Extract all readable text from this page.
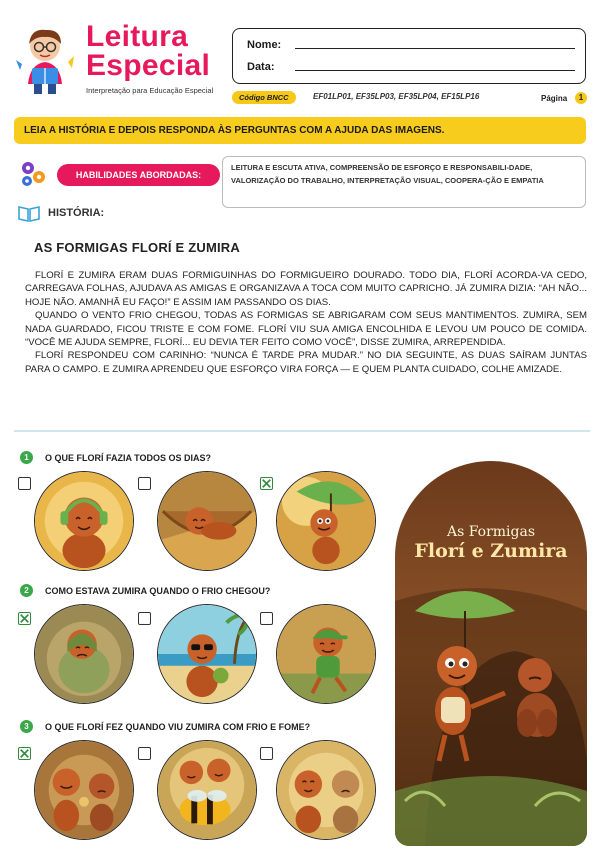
Leitura
Especial
Interpretação para Educação Especial
Nome:
Data:
Código BNCC	EF01LP01, EF35LP03, EF35LP04, EF15LP16	Página	1
LEIA A HISTÓRIA E DEPOIS RESPONDA ÀS PERGUNTAS COM A AJUDA DAS IMAGENS.
HABILIDADES ABORDADAS:
LEITURA E ESCUTA ATIVA, COMPREENSÃO DE ESFORÇO E RESPONSABILI-DADE, VALORIZAÇÃO DO TRABALHO, INTERPRETAÇÃO VISUAL, COOPERA-ÇÃO E EMPATIA
HISTÓRIA:
AS FORMIGAS FLORÍ E ZUMIRA

FLORÍ E ZUMIRA ERAM DUAS FORMIGUINHAS DO FORMIGUEIRO DOURADO. TODO DIA, FLORÍ ACORDA-VA CEDO, CARREGAVA FOLHAS, AJUDAVA AS AMIGAS E ORGANIZAVA A TOCA COM MUITO CAPRICHO. JÁ ZUMIRA DIZIA: “AH NÃO... HOJE NÃO. AMANHÃ EU FAÇO!” E ASSIM IAM PASSANDO OS DIAS.

QUANDO O VENTO FRIO CHEGOU, TODAS AS FORMIGAS SE ABRIGARAM COM SEUS MANTIMENTOS. ZUMIRA, SEM NADA GUARDADO, FICOU TRISTE E COM FOME. FLORÍ VIU SUA AMIGA ENCOLHIDA E LEVOU UM POUCO DE COMIDA. “VOCÊ ME AJUDA SEMPRE, FLORÍ... EU DEVIA TER FEITO COMO VOCÊ”, DISSE ZUMIRA, ARREPENDIDA.

FLORÍ RESPONDEU COM CARINHO: “NUNCA É TARDE PRA MUDAR.” NO DIA SEGUINTE, AS DUAS SAÍRAM JUNTAS PARA O CAMPO. E ZUMIRA APRENDEU QUE ESFORÇO VIRA FORÇA — E QUEM PLANTA CUIDADO, COLHE AMIZADE.

1	O QUE FLORÍ FAZIA TODOS OS DIAS?
2	COMO ESTAVA ZUMIRA QUANDO O FRIO CHEGOU?
3	O QUE FLORÍ FEZ QUANDO VIU ZUMIRA COM FRIO E FOME?
As Formigas
Florí e Zumira
